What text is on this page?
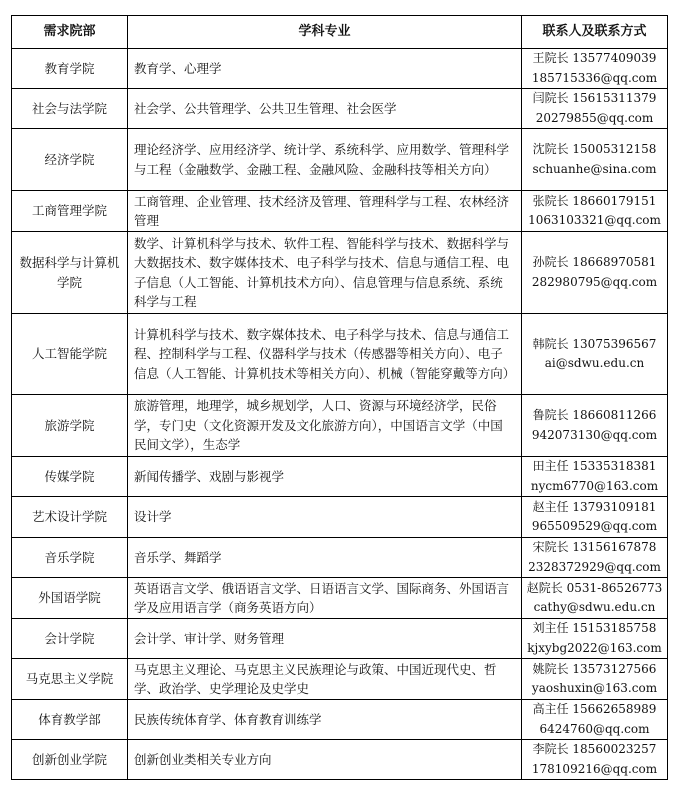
需求院部	学科专业	联系人及联系方式
教育学院	教育学、心理学	王院长 13577409039
185715336@qq.com

社会与法学院	社会学、公共管理学、公共卫生管理、社会医学	闫院长 15615311379
20279855@qq.com

经济学院	理论经济学、应用经济学、统计学、系统科学、应用数学、管理科学与工程（金融数学、金融工程、金融风险、金融科技等相关方向）	沈院长 15005312158
schuanhe@sina.com

工商管理学院	工商管理、企业管理、技术经济及管理、管理科学与工程、农林经济管理	张院长 18660179151
1063103321@qq.com

数据科学与计算机学院	数学、计算机科学与技术、软件工程、智能科学与技术、数据科学与大数据技术、数字媒体技术、电子科学与技术、信息与通信工程、电子信息（人工智能、计算机技术方向）、信息管理与信息系统、系统科学与工程	孙院长 18668970581
282980795@qq.com

人工智能学院	计算机科学与技术、数字媒体技术、电子科学与技术、信息与通信工程、控制科学与工程、仪器科学与技术（传感器等相关方向）、电子信息（人工智能、计算机技术等相关方向）、机械（智能穿戴等方向）	韩院长 13075396567
ai@sdwu.edu.cn

旅游学院	旅游管理，地理学，城乡规划学，人口、资源与环境经济学，民俗学，专门史（文化资源开发及文化旅游方向），中国语言文学（中国民间文学），生态学	鲁院长 18660811266
942073130@qq.com

传媒学院	新闻传播学、戏剧与影视学	田主任 15335318381
nycm6770@163.com

艺术设计学院	设计学	赵主任 13793109181
965509529@qq.com

音乐学院	音乐学、舞蹈学	宋院长 13156167878
2328372929@qq.com

外国语学院	英语语言文学、俄语语言文学、日语语言文学、国际商务、外国语言学及应用语言学（商务英语方向）	赵院长 0531-86526773
cathy@sdwu.edu.cn

会计学院	会计学、审计学、财务管理	刘主任 15153185758
kjxybg2022@163.com

马克思主义学院	马克思主义理论、马克思主义民族理论与政策、中国近现代史、哲学、政治学、史学理论及史学史	姚院长 13573127566
yaoshuxin@163.com

体育教学部	民族传统体育学、体育教育训练学	高主任 15662658989
6424760@qq.com

创新创业学院	创新创业类相关专业方向	李院长 18560023257
178109216@qq.com
